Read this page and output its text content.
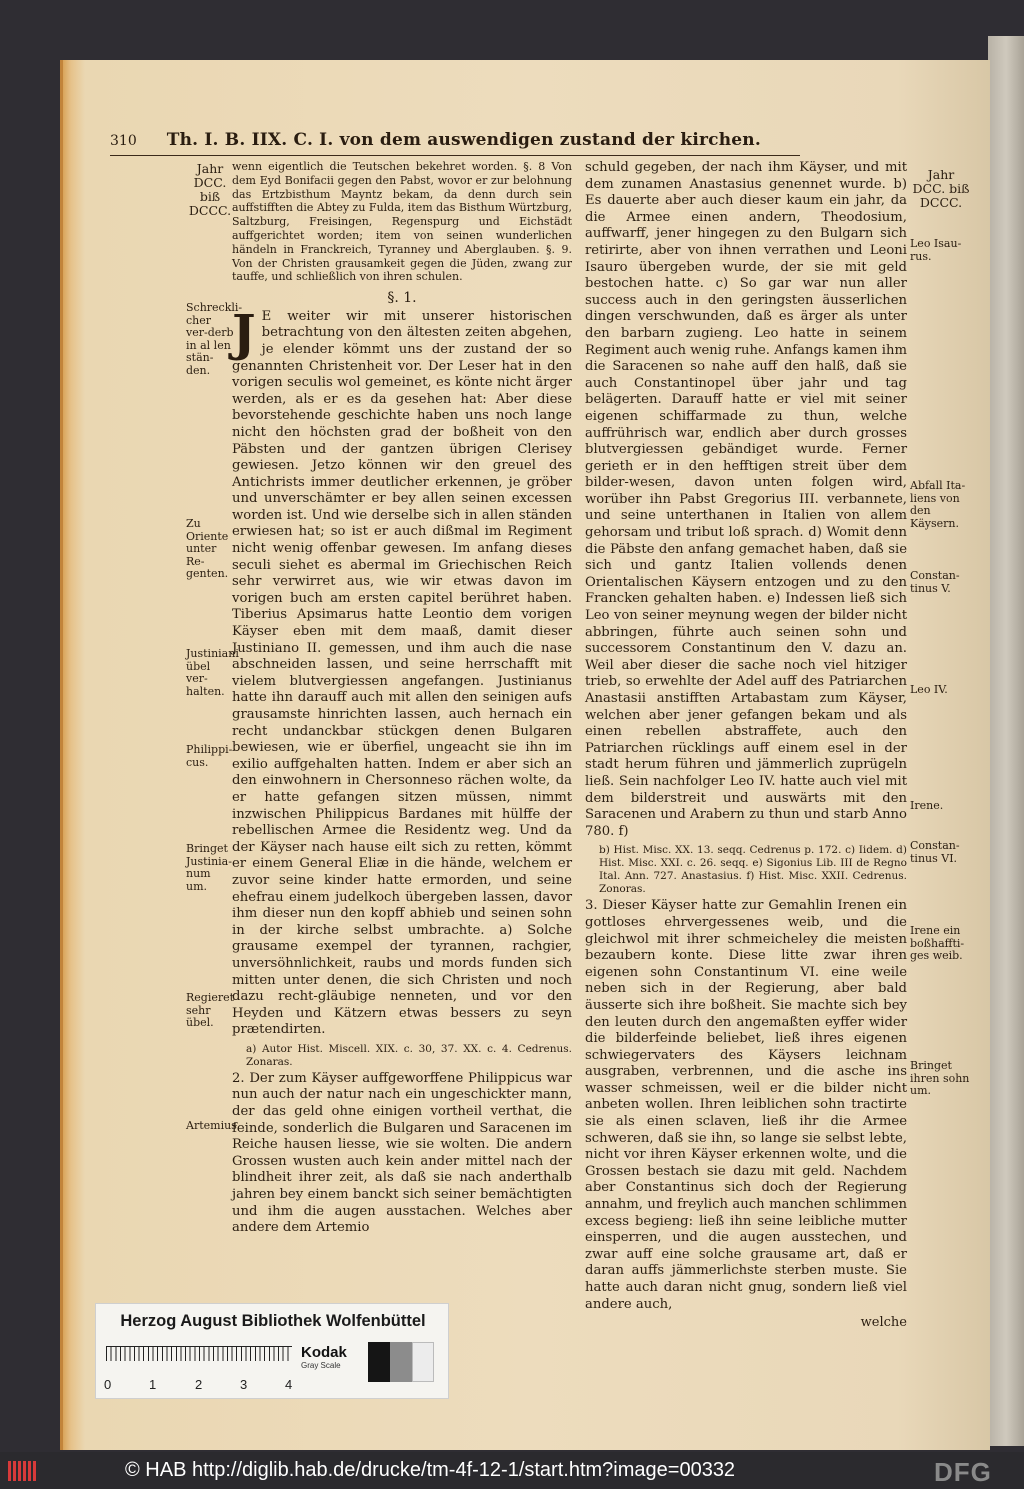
310 Th. I. B. IIX. C. I. von dem auswendigen zustand der kirchen.
Jahr DCC. biß DCCC.
Schreckli-cher ver-derb in al len stän-den.
Zu Oriente unter Re-genten.
Justiniani übel ver-halten.
Philippi-cus.
Bringet Justinia-num um.
Regieret sehr übel.
Artemius
Jahr DCC. biß DCCC.
Leo Isau-rus.
Abfall Ita-liens von den Käysern.
Constan-tinus V.
Leo IV.
Irene.
Constan-tinus VI.
Irene ein boßhaffti-ges weib.
Bringet ihren sohn um.

wenn eigentlich die Teutschen bekehret worden. §. 8 Von dem Eyd Bonifacii gegen den Pabst, wovor er zur belohnung das Ertzbisthum Mayntz bekam, da denn durch sein auffstifften die Abtey zu Fulda, item das Bisthum Würtzburg, Saltzburg, Freisingen, Regenspurg und Eichstädt auffgerichtet worden; item von seinen wunderlichen händeln in Franckreich, Tyranney und Aberglauben. §. 9. Von der Christen grausamkeit gegen die Jüden, zwang zur tauffe, und schließlich von ihren schulen.

§. 1.

J E weiter wir mit unserer historischen betrachtung von den ältesten zeiten abgehen, je elender kömmt uns der zustand der so genannten Christenheit vor. Der Leser hat in den vorigen seculis wol gemeinet, es könte nicht ärger werden, als er es da gesehen hat: Aber diese bevorstehende geschichte haben uns noch lange nicht den höchsten grad der boßheit von den Päbsten und der gantzen übrigen Clerisey gewiesen. Jetzo können wir den greuel des Antichrists immer deutlicher erkennen, je gröber und unverschämter er bey allen seinen excessen worden ist. Und wie derselbe sich in allen ständen erwiesen hat; so ist er auch dißmal im Regiment nicht wenig offenbar gewesen. Im anfang dieses seculi siehet es abermal im Griechischen Reich sehr verwirret aus, wie wir etwas davon im vorigen buch am ersten capitel berühret haben. Tiberius Apsimarus hatte Leontio dem vorigen Käyser eben mit dem maaß, damit dieser Justiniano II. gemessen, und ihm auch die nase abschneiden lassen, und seine herrschafft mit vielem blutvergiessen angefangen. Justinianus hatte ihn darauff auch mit allen den seinigen aufs grausamste hinrichten lassen, auch hernach ein recht undanckbar stückgen denen Bulgaren bewiesen, wie er überfiel, ungeacht sie ihn im exilio auffgehalten hatten. Indem er aber sich an den einwohnern in Chersonneso rächen wolte, da er hatte gefangen sitzen müssen, nimmt inzwischen Philippicus Bardanes mit hülffe der rebellischen Armee die Residentz weg. Und da der Käyser nach hause eilt sich zu retten, kömmt er einem General Eliæ in die hände, welchem er zuvor seine kinder hatte ermorden, und seine ehefrau einem judelkoch übergeben lassen, davor ihm dieser nun den kopff abhieb und seinen sohn in der kirche selbst umbrachte. a) Solche grausame exempel der tyrannen, rachgier, unversöhnlichkeit, raubs und mords funden sich mitten unter denen, die sich Christen und noch dazu recht-gläubige nenneten, und vor den Heyden und Kätzern etwas bessers zu seyn prætendirten.

a) Autor Hist. Miscell. XIX. c. 30, 37. XX. c. 4. Cedrenus. Zonaras.

2. Der zum Käyser auffgeworffene Philippicus war nun auch der natur nach ein ungeschickter mann, der das geld ohne einigen vortheil verthat, die feinde, sonderlich die Bulgaren und Saracenen im Reiche hausen liesse, wie sie wolten. Die andern Grossen wusten auch kein ander mittel nach der blindheit ihrer zeit, als daß sie nach anderthalb jahren bey einem banckt sich seiner bemächtigten und ihm die augen ausstachen. Welches aber andere dem Artemio

schuld gegeben, der nach ihm Käyser, und mit dem zunamen Anastasius genennet wurde. b) Es dauerte aber auch dieser kaum ein jahr, da die Armee einen andern, Theodosium, auffwarff, jener hingegen zu den Bulgarn sich retirirte, aber von ihnen verrathen und Leoni Isauro übergeben wurde, der sie mit geld bestochen hatte. c) So gar war nun aller success auch in den geringsten äusserlichen dingen verschwunden, daß es ärger als unter den barbarn zugieng. Leo hatte in seinem Regiment auch wenig ruhe. Anfangs kamen ihm die Saracenen so nahe auff den halß, daß sie auch Constantinopel über jahr und tag belägerten. Darauff hatte er viel mit seiner eigenen schiffarmade zu thun, welche auffrührisch war, endlich aber durch grosses blutvergiessen gebändiget wurde. Ferner gerieth er in den hefftigen streit über dem bilder-wesen, davon unten folgen wird, worüber ihn Pabst Gregorius III. verbannete, und seine unterthanen in Italien von allem gehorsam und tribut loß sprach. d) Womit denn die Päbste den anfang gemachet haben, daß sie sich und gantz Italien vollends denen Orientalischen Käysern entzogen und zu den Francken gehalten haben. e) Indessen ließ sich Leo von seiner meynung wegen der bilder nicht abbringen, führte auch seinen sohn und successorem Constantinum den V. dazu an. Weil aber dieser die sache noch viel hitziger trieb, so erwehlte der Adel auff des Patriarchen Anastasii anstifften Artabastam zum Käyser, welchen aber jener gefangen bekam und als einen rebellen abstraffete, auch den Patriarchen rücklings auff einem esel in der stadt herum führen und jämmerlich zuprügeln ließ. Sein nachfolger Leo IV. hatte auch viel mit dem bilderstreit und auswärts mit den Saracenen und Arabern zu thun und starb Anno 780. f)

b) Hist. Misc. XX. 13. seqq. Cedrenus p. 172. c) Iidem. d) Hist. Misc. XXI. c. 26. seqq. e) Sigonius Lib. III de Regno Ital. Ann. 727. Anastasius. f) Hist. Misc. XXII. Cedrenus. Zonoras.

3. Dieser Käyser hatte zur Gemahlin Irenen ein gottloses ehrvergessenes weib, und die gleichwol mit ihrer schmeicheley die meisten bezaubern konte. Diese litte zwar ihren eigenen sohn Constantinum VI. eine weile neben sich in der Regierung, aber bald äusserte sich ihre boßheit. Sie machte sich bey den leuten durch den angemaßten eyffer wider die bilderfeinde beliebet, ließ ihres eigenen schwiegervaters des Käysers leichnam ausgraben, verbrennen, und die asche ins wasser schmeissen, weil er die bilder nicht anbeten wollen. Ihren leiblichen sohn tractirte sie als einen sclaven, ließ ihr die Armee schweren, daß sie ihn, so lange sie selbst lebte, nicht vor ihren Käyser erkennen wolte, und die Grossen bestach sie dazu mit geld. Nachdem aber Constantinus sich doch der Regierung annahm, und freylich auch manchen schlimmen excess begieng: ließ ihn seine leibliche mutter einsperren, und die augen ausstechen, und zwar auff eine solche grausame art, daß er daran auffs jämmerlichste sterben muste. Sie hatte auch daran nicht gnug, sondern ließ viel andere auch,

welche

Herzog August Bibliothek Wolfenbüttel
0	1	2	3	4
Kodak
Gray Scale
© HAB http://diglib.hab.de/drucke/tm-4f-12-1/start.htm?image=00332	DFG
